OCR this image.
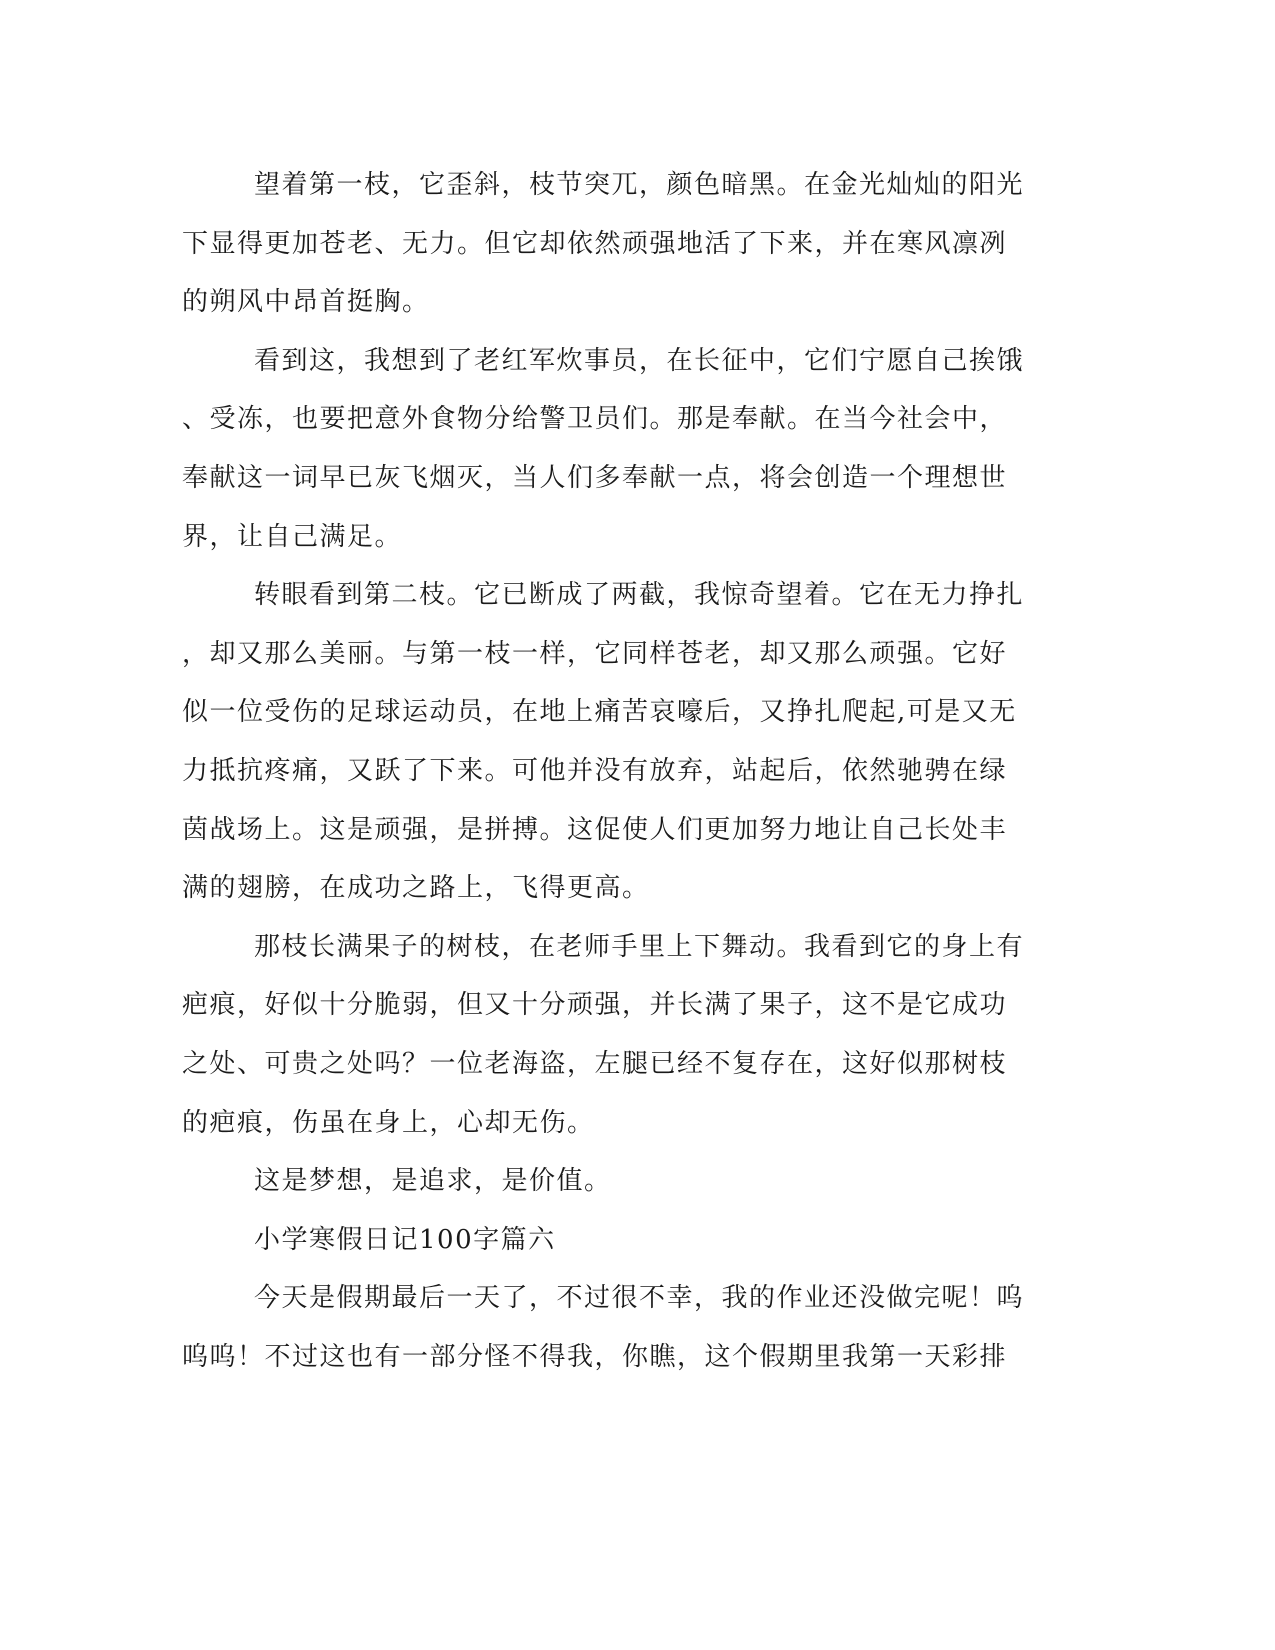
望着第一枝，它歪斜，枝节突兀，颜色暗黑。在金光灿灿的阳光
下显得更加苍老、无力。但它却依然顽强地活了下来，并在寒风凛冽
的朔风中昂首挺胸。
看到这，我想到了老红军炊事员，在长征中，它们宁愿自己挨饿
、受冻，也要把意外食物分给警卫员们。那是奉献。在当今社会中，
奉献这一词早已灰飞烟灭，当人们多奉献一点，将会创造一个理想世
界，让自己满足。
转眼看到第二枝。它已断成了两截，我惊奇望着。它在无力挣扎
，却又那么美丽。与第一枝一样，它同样苍老，却又那么顽强。它好
似一位受伤的足球运动员，在地上痛苦哀嚎后，又挣扎爬起,可是又无
力抵抗疼痛，又跃了下来。可他并没有放弃，站起后，依然驰骋在绿
茵战场上。这是顽强，是拼搏。这促使人们更加努力地让自己长处丰
满的翅膀，在成功之路上，飞得更高。
那枝长满果子的树枝，在老师手里上下舞动。我看到它的身上有
疤痕，好似十分脆弱，但又十分顽强，并长满了果子，这不是它成功
之处、可贵之处吗？一位老海盗，左腿已经不复存在，这好似那树枝
的疤痕，伤虽在身上，心却无伤。
这是梦想，是追求，是价值。
小学寒假日记100字篇六
今天是假期最后一天了，不过很不幸，我的作业还没做完呢！呜
呜呜！不过这也有一部分怪不得我，你瞧，这个假期里我第一天彩排
